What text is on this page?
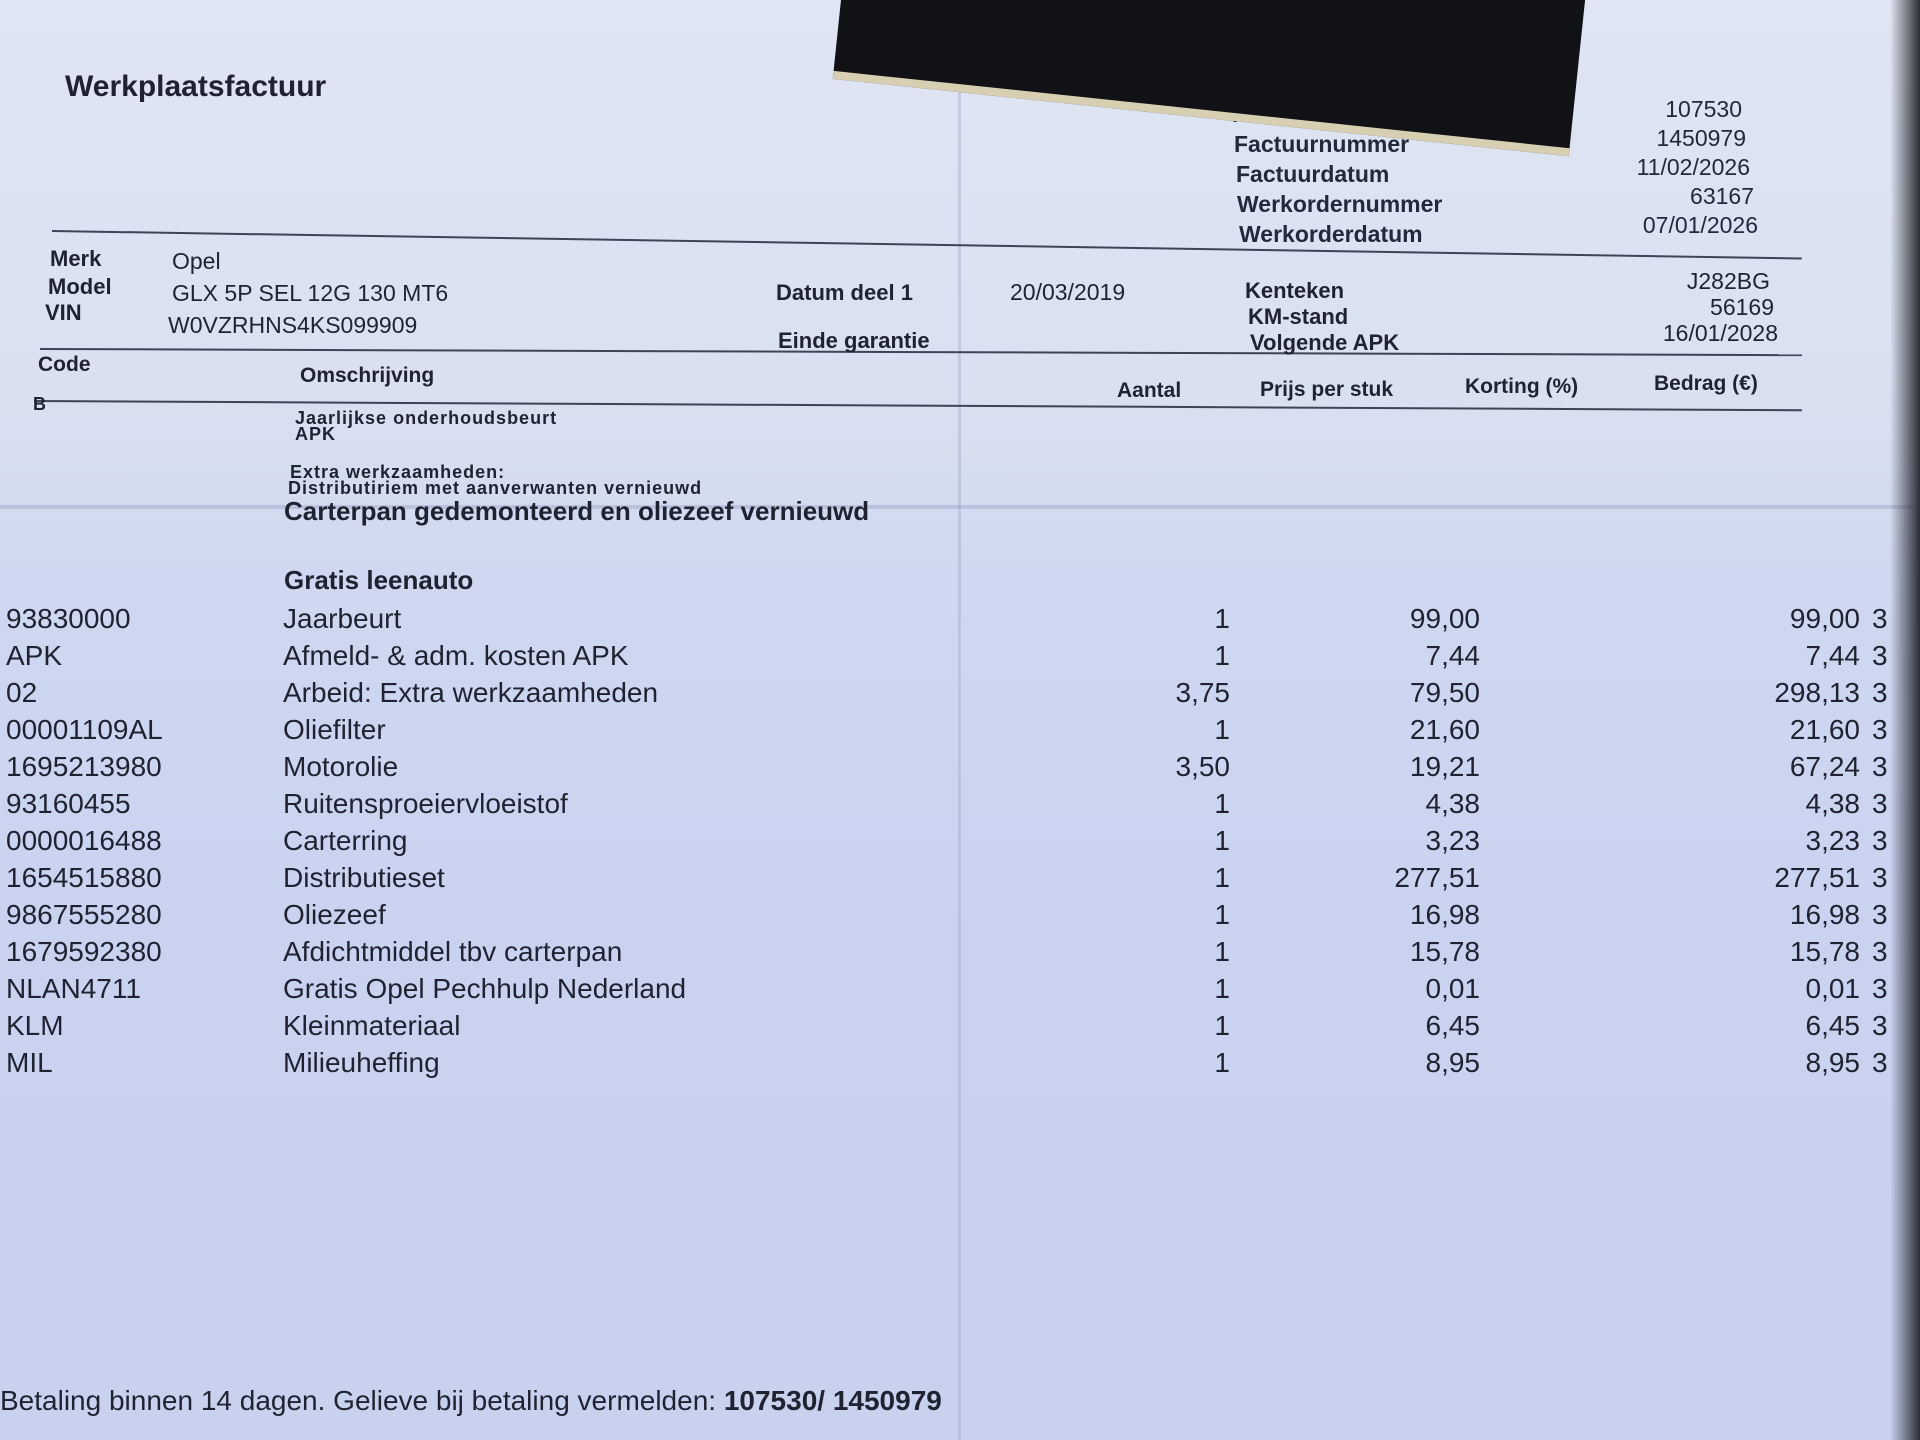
Werkplaatsfactuur
107530
Factuurnummer	1450979
Factuurdatum	11/02/2026
Werkordernummer	63167
Werkorderdatum	07/01/2026
Merk	Opel
Model	GLX 5P SEL 12G 130 MT6
VIN	W0VZRHNS4KS099909
Datum deel 1	20/03/2019
Einde garantie
Kenteken	J282BG
KM-stand	56169
Volgende APK	16/01/2028
Code	Omschrijving
Aantal	Prijs per stuk	Korting (%)	Bedrag (€)
B
Jaarlijkse onderhoudsbeurt
APK
Extra werkzaamheden:
Distributiriem met aanverwanten vernieuwd
Carterpan gedemonteerd en oliezeef vernieuwd
Gratis leenauto
93830000	Jaarbeurt	1	99,00	99,00 3
APK	Afmeld- & adm. kosten APK	1	7,44	7,44 3
02	Arbeid: Extra werkzaamheden	3,75	79,50	298,13 3
00001109AL	Oliefilter	1	21,60	21,60 3
1695213980	Motorolie	3,50	19,21	67,24 3
93160455	Ruitensproeiervloeistof	1	4,38	4,38 3
0000016488	Carterring	1	3,23	3,23 3
1654515880	Distributieset	1	277,51	277,51 3
9867555280	Oliezeef	1	16,98	16,98 3
1679592380	Afdichtmiddel tbv carterpan	1	15,78	15,78 3
NLAN4711	Gratis Opel Pechhulp Nederland	1	0,01	0,01 3
KLM	Kleinmateriaal	1	6,45	6,45 3
MIL	Milieuheffing	1	8,95	8,95 3
Betaling binnen 14 dagen. Gelieve bij betaling vermelden: 107530/ 1450979
